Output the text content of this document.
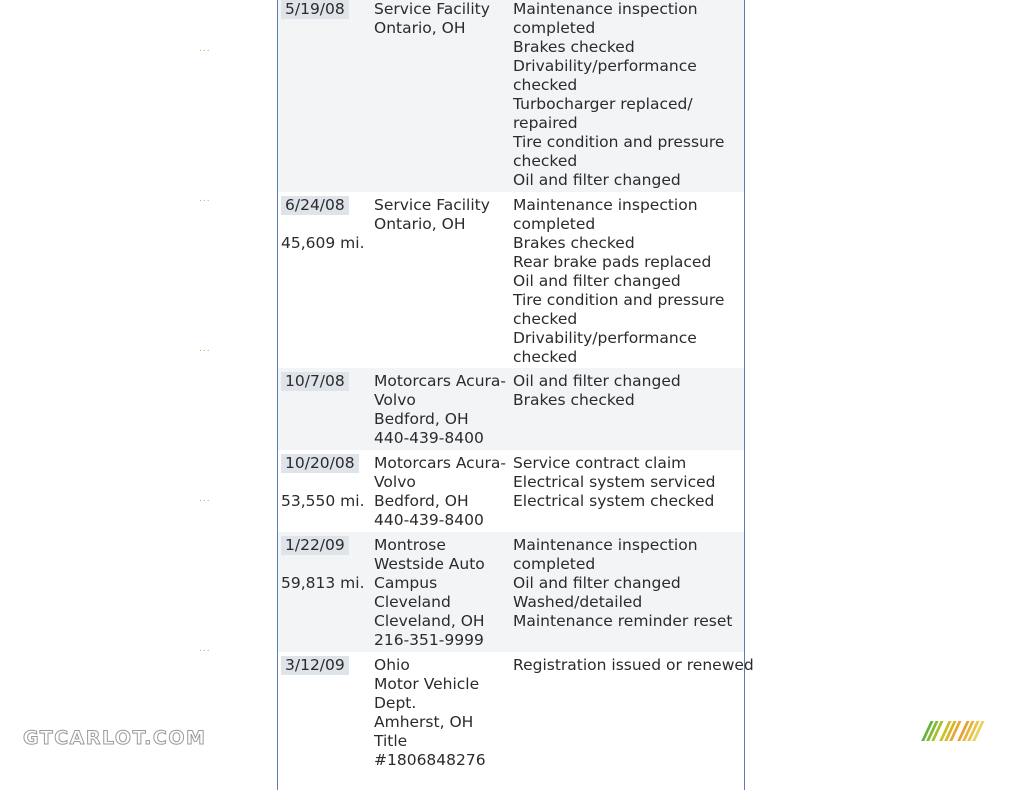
...
...
...
...
...
5/19/08 Service Facility
Ontario, OH
Maintenance inspection
completed
Brakes checked
Drivability/performance
checked
Turbocharger replaced/
repaired
Tire condition and pressure
checked
Oil and filter changed
6/24/08
45,609 mi.
Service Facility
Ontario, OH
Maintenance inspection
completed
Brakes checked
Rear brake pads replaced
Oil and filter changed
Tire condition and pressure
checked
Drivability/performance
checked
10/7/08 Motorcars Acura-
Volvo
Bedford, OH
440-439-8400
Oil and filter changed
Brakes checked
10/20/08
53,550 mi.
Motorcars Acura-
Volvo
Bedford, OH
440-439-8400
Service contract claim
Electrical system serviced
Electrical system checked
1/22/09
59,813 mi.
Montrose
Westside Auto
Campus
Cleveland
Cleveland, OH
216-351-9999
Maintenance inspection
completed
Oil and filter changed
Washed/detailed
Maintenance reminder reset
3/12/09 Ohio
Motor Vehicle
Dept.
Amherst, OH
Title
#1806848276
Registration issued or renewed
GTCARLOT.COM
